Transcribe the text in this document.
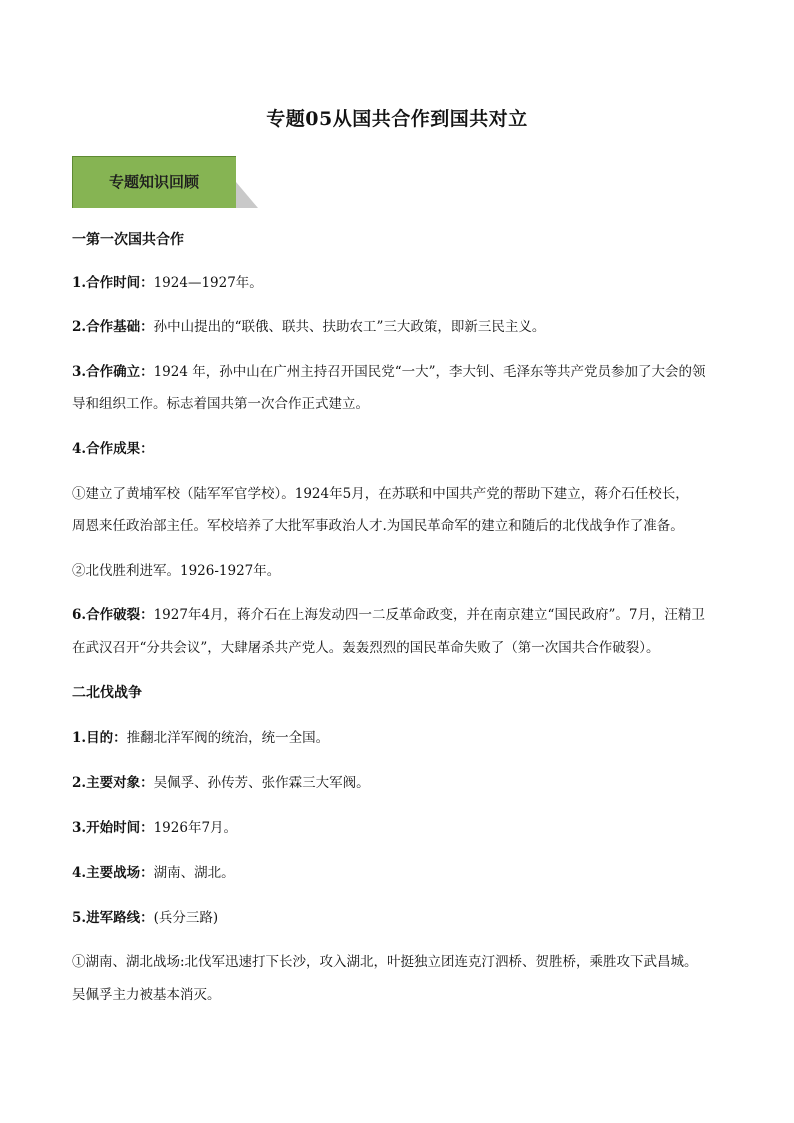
专题05从国共合作到国共对立
专题知识回顾
一第一次国共合作
1.合作时间：1924—1927年。
2.合作基础：孙中山提出的“联俄、联共、扶助农工”三大政策，即新三民主义。
3.合作确立：1924 年，孙中山在广州主持召开国民党“一大”，李大钊、毛泽东等共产党员参加了大会的领
导和组织工作。标志着国共第一次合作正式建立。
4.合作成果：
①建立了黄埔军校（陆军军官学校）。1924年5月，在苏联和中国共产党的帮助下建立，蒋介石任校长，
周恩来任政治部主任。军校培养了大批军事政治人才.为国民革命军的建立和随后的北伐战争作了准备。
②北伐胜利进军。1926-1927年。
6.合作破裂：1927年4月，蒋介石在上海发动四一二反革命政变，并在南京建立“国民政府”。7月，汪精卫
在武汉召开“分共会议”，大肆屠杀共产党人。轰轰烈烈的国民革命失败了（第一次国共合作破裂）。
二北伐战争
1.目的：推翻北洋军阀的统治，统一全国。
2.主要对象：吴佩孚、孙传芳、张作霖三大军阀。
3.开始时间：1926年7月。
4.主要战场：湖南、湖北。
5.进军路线：(兵分三路)
①湖南、湖北战场:北伐军迅速打下长沙，攻入湖北，叶挺独立团连克汀泗桥、贺胜桥，乘胜攻下武昌城。
吴佩孚主力被基本消灭。
